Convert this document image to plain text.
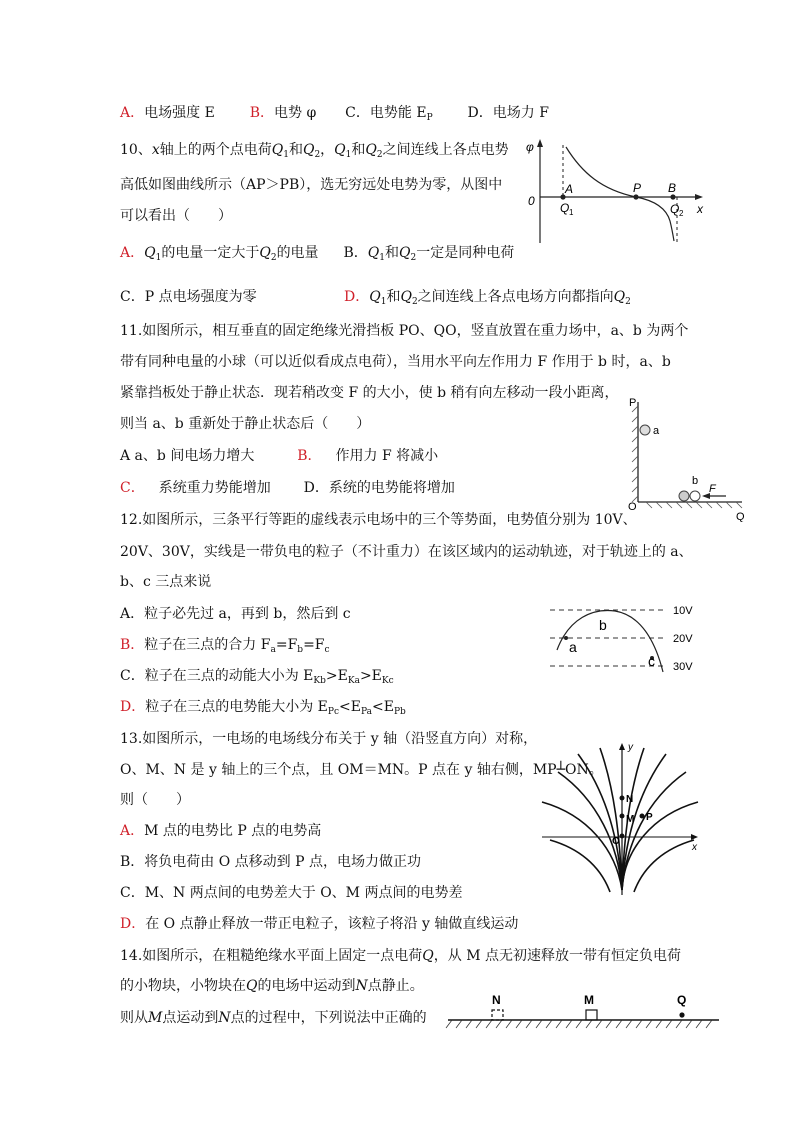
A．电场强度 E B．电势 φ C．电势能 $E_P$ D．电场力 F
10、x轴上的两个点电荷$Q_1$和$Q_2$，$Q_1$和$Q_2$之间连线上各点电势
高低如图曲线所示（AP＞PB），选无穷远处电势为零，从图中
可以看出（　　）
A．$Q_1$的电量一定大于$Q_2$的电量 B．$Q_1$和$Q_2$一定是同种电荷
C．P 点电场强度为零	D．$Q_1$和$Q_2$之间连线上各点电场方向都指向$Q_2$
φ
A	P B
0 Q 1	Q 2 x
11.如图所示，相互垂直的固定绝缘光滑挡板 PO、QO，竖直放置在重力场中，a、b 为两个
带有同种电量的小球（可以近似看成点电荷），当用水平向左作用力 F 作用于 b 时，a、b
紧靠挡板处于静止状态．现若稍改变 F 的大小，使 b 稍有向左移动一段小距离，
则当 a、b 重新处于静止状态后（　　）
A a、b 间电场力增大	B． 作用力 F 将减小
C． 系统重力势能增加 D．系统的电势能将增加
P
a
b
F
O
Q
12.如图所示，三条平行等距的虚线表示电场中的三个等势面，电势值分别为 10V、
20V、30V，实线是一带负电的粒子（不计重力）在该区域内的运动轨迹，对于轨迹上的 a、
b、c 三点来说
A．粒子必先过 a，再到 b，然后到 c
B．粒子在三点的合力 $F_a=F_b=F_c$
C．粒子在三点的动能大小为 $E_{Kb}>E_{Ka}>E_{Kc}$
D．粒子在三点的电势能大小为 $E_{Pc}<E_{Pa}<E_{Pb}$
10V
20V
30V
a
b
c
13.如图所示，一电场的电场线分布关于 y 轴（沿竖直方向）对称，
O、M、N 是 y 轴上的三个点，且 OM＝MN。P 点在 y 轴右侧，MP┴ON。
则（　　）
A．M 点的电势比 P 点的电势高
B．将负电荷由 O 点移动到 P 点，电场力做正功
C．M、N 两点间的电势差大于 O、M 两点间的电势差
D．在 O 点静止释放一带正电粒子，该粒子将沿 y 轴做直线运动
y
N
M P
O
x
14.如图所示，在粗糙绝缘水平面上固定一点电荷Q，从 M 点无初速释放一带有恒定负电荷
的小物块，小物块在Q的电场中运动到N点静止。
则从M点运动到N点的过程中，下列说法中正确的
N	M	Q
